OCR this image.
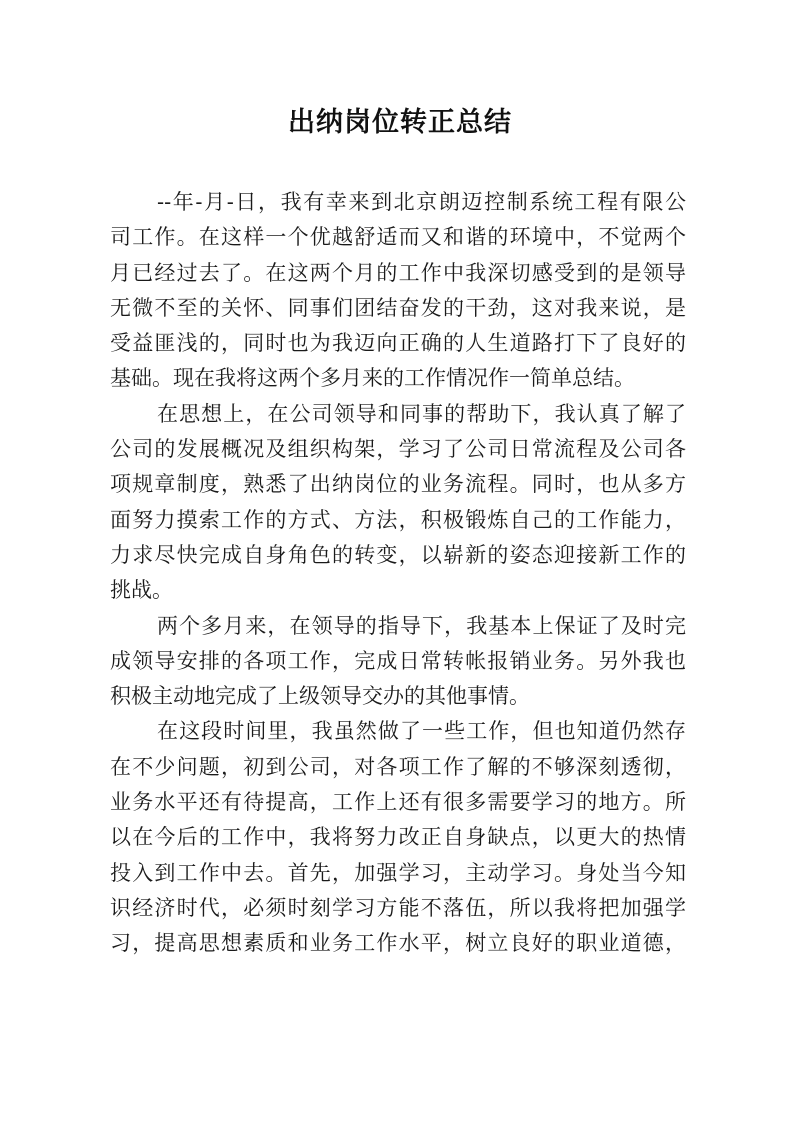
出纳岗位转正总结
--年-月-日，我有幸来到北京朗迈控制系统工程有限公
司工作。在这样一个优越舒适而又和谐的环境中，不觉两个
月已经过去了。在这两个月的工作中我深切感受到的是领导
无微不至的关怀、同事们团结奋发的干劲，这对我来说，是
受益匪浅的，同时也为我迈向正确的人生道路打下了良好的
基础。现在我将这两个多月来的工作情况作一简单总结。
在思想上，在公司领导和同事的帮助下，我认真了解了
公司的发展概况及组织构架，学习了公司日常流程及公司各
项规章制度，熟悉了出纳岗位的业务流程。同时，也从多方
面努力摸索工作的方式、方法，积极锻炼自己的工作能力，
力求尽快完成自身角色的转变，以崭新的姿态迎接新工作的
挑战。
两个多月来，在领导的指导下，我基本上保证了及时完
成领导安排的各项工作，完成日常转帐报销业务。另外我也
积极主动地完成了上级领导交办的其他事情。
在这段时间里，我虽然做了一些工作，但也知道仍然存
在不少问题，初到公司，对各项工作了解的不够深刻透彻，
业务水平还有待提高，工作上还有很多需要学习的地方。所
以在今后的工作中，我将努力改正自身缺点，以更大的热情
投入到工作中去。首先，加强学习，主动学习。身处当今知
识经济时代，必须时刻学习方能不落伍，所以我将把加强学
习，提高思想素质和业务工作水平，树立良好的职业道德，
